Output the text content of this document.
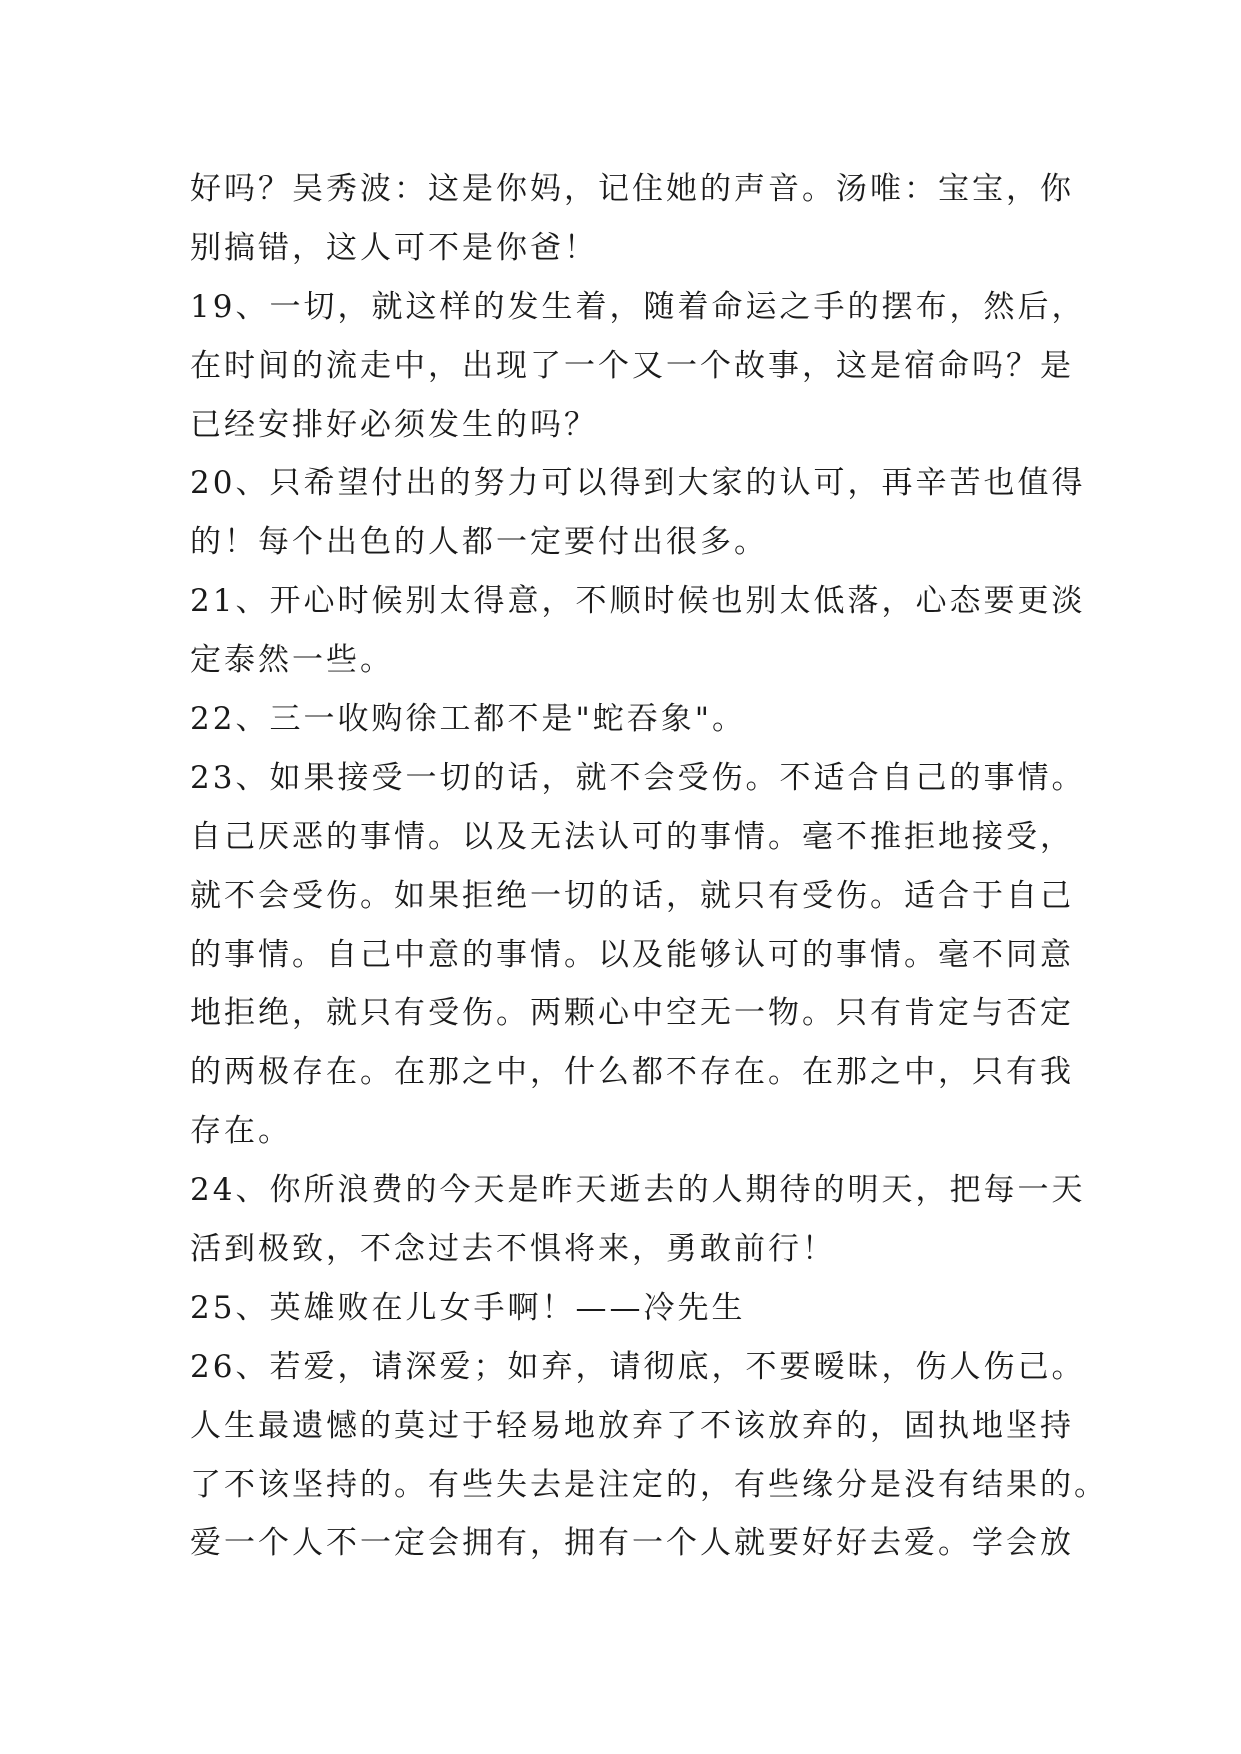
好吗？吴秀波：这是你妈，记住她的声音。汤唯：宝宝，你
别搞错，这人可不是你爸！
19、一切，就这样的发生着，随着命运之手的摆布，然后，
在时间的流走中，出现了一个又一个故事，这是宿命吗？是
已经安排好必须发生的吗？
20、只希望付出的努力可以得到大家的认可，再辛苦也值得
的！每个出色的人都一定要付出很多。
21、开心时候别太得意，不顺时候也别太低落，心态要更淡
定泰然一些。
22、三一收购徐工都不是"蛇吞象"。
23、如果接受一切的话，就不会受伤。不适合自己的事情。
自己厌恶的事情。以及无法认可的事情。毫不推拒地接受，
就不会受伤。如果拒绝一切的话，就只有受伤。适合于自己
的事情。自己中意的事情。以及能够认可的事情。毫不同意
地拒绝，就只有受伤。两颗心中空无一物。只有肯定与否定
的两极存在。在那之中，什么都不存在。在那之中，只有我
存在。
24、你所浪费的今天是昨天逝去的人期待的明天，把每一天
活到极致，不念过去不惧将来，勇敢前行！
25、英雄败在儿女手啊！——冷先生
26、若爱，请深爱；如弃，请彻底，不要暧昧，伤人伤己。
人生最遗憾的莫过于轻易地放弃了不该放弃的，固执地坚持
了不该坚持的。有些失去是注定的，有些缘分是没有结果的。
爱一个人不一定会拥有，拥有一个人就要好好去爱。学会放
